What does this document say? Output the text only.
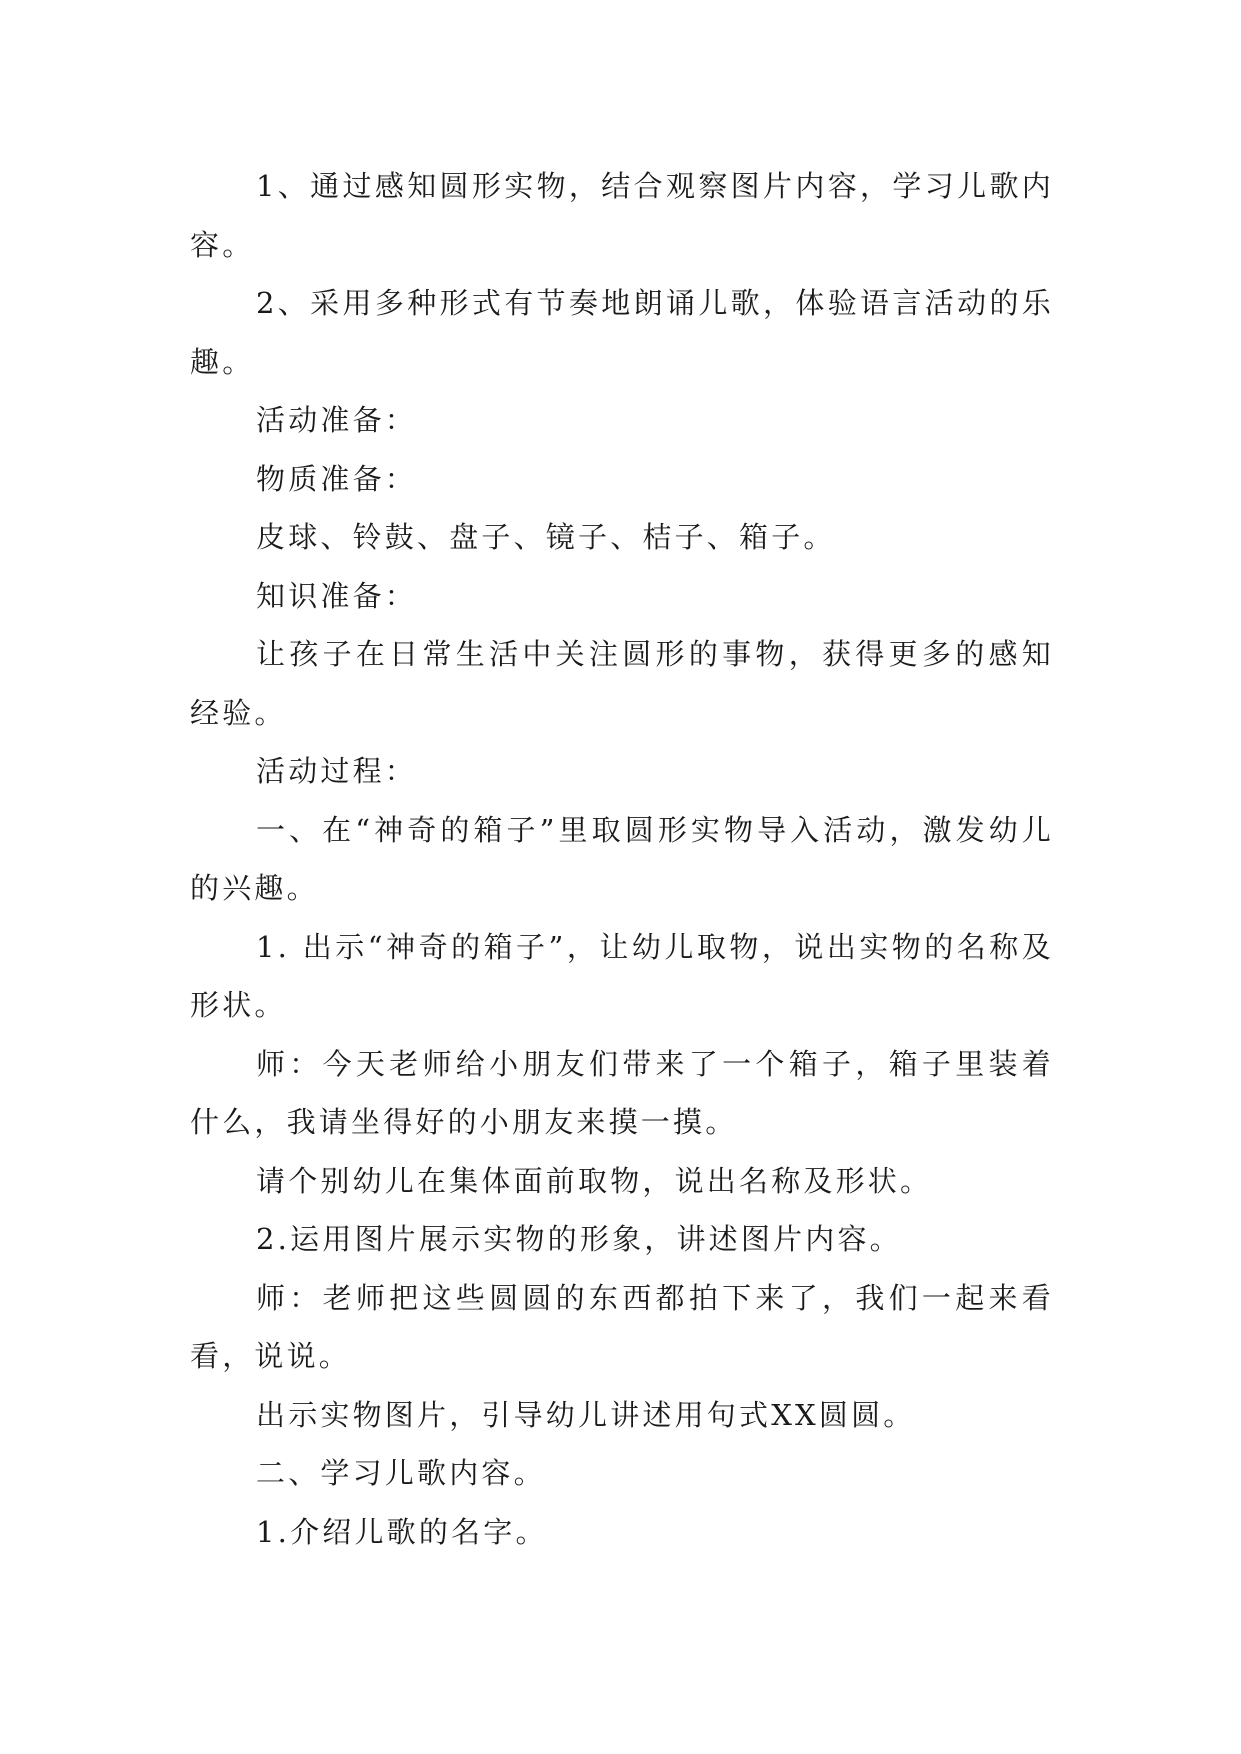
1、通过感知圆形实物，结合观察图片内容，学习儿歌内容。

2、采用多种形式有节奏地朗诵儿歌，体验语言活动的乐趣。

活动准备：

物质准备：

皮球、铃鼓、盘子、镜子、桔子、箱子。

知识准备：

让孩子在日常生活中关注圆形的事物，获得更多的感知经验。

活动过程：

一、在“神奇的箱子”里取圆形实物导入活动，激发幼儿的兴趣。

1. 出示“神奇的箱子”，让幼儿取物，说出实物的名称及形状。

师：今天老师给小朋友们带来了一个箱子，箱子里装着什么，我请坐得好的小朋友来摸一摸。

请个别幼儿在集体面前取物，说出名称及形状。

2.运用图片展示实物的形象，讲述图片内容。

师：老师把这些圆圆的东西都拍下来了，我们一起来看看，说说。

出示实物图片，引导幼儿讲述用句式XX圆圆。

二、学习儿歌内容。

1.介绍儿歌的名字。
